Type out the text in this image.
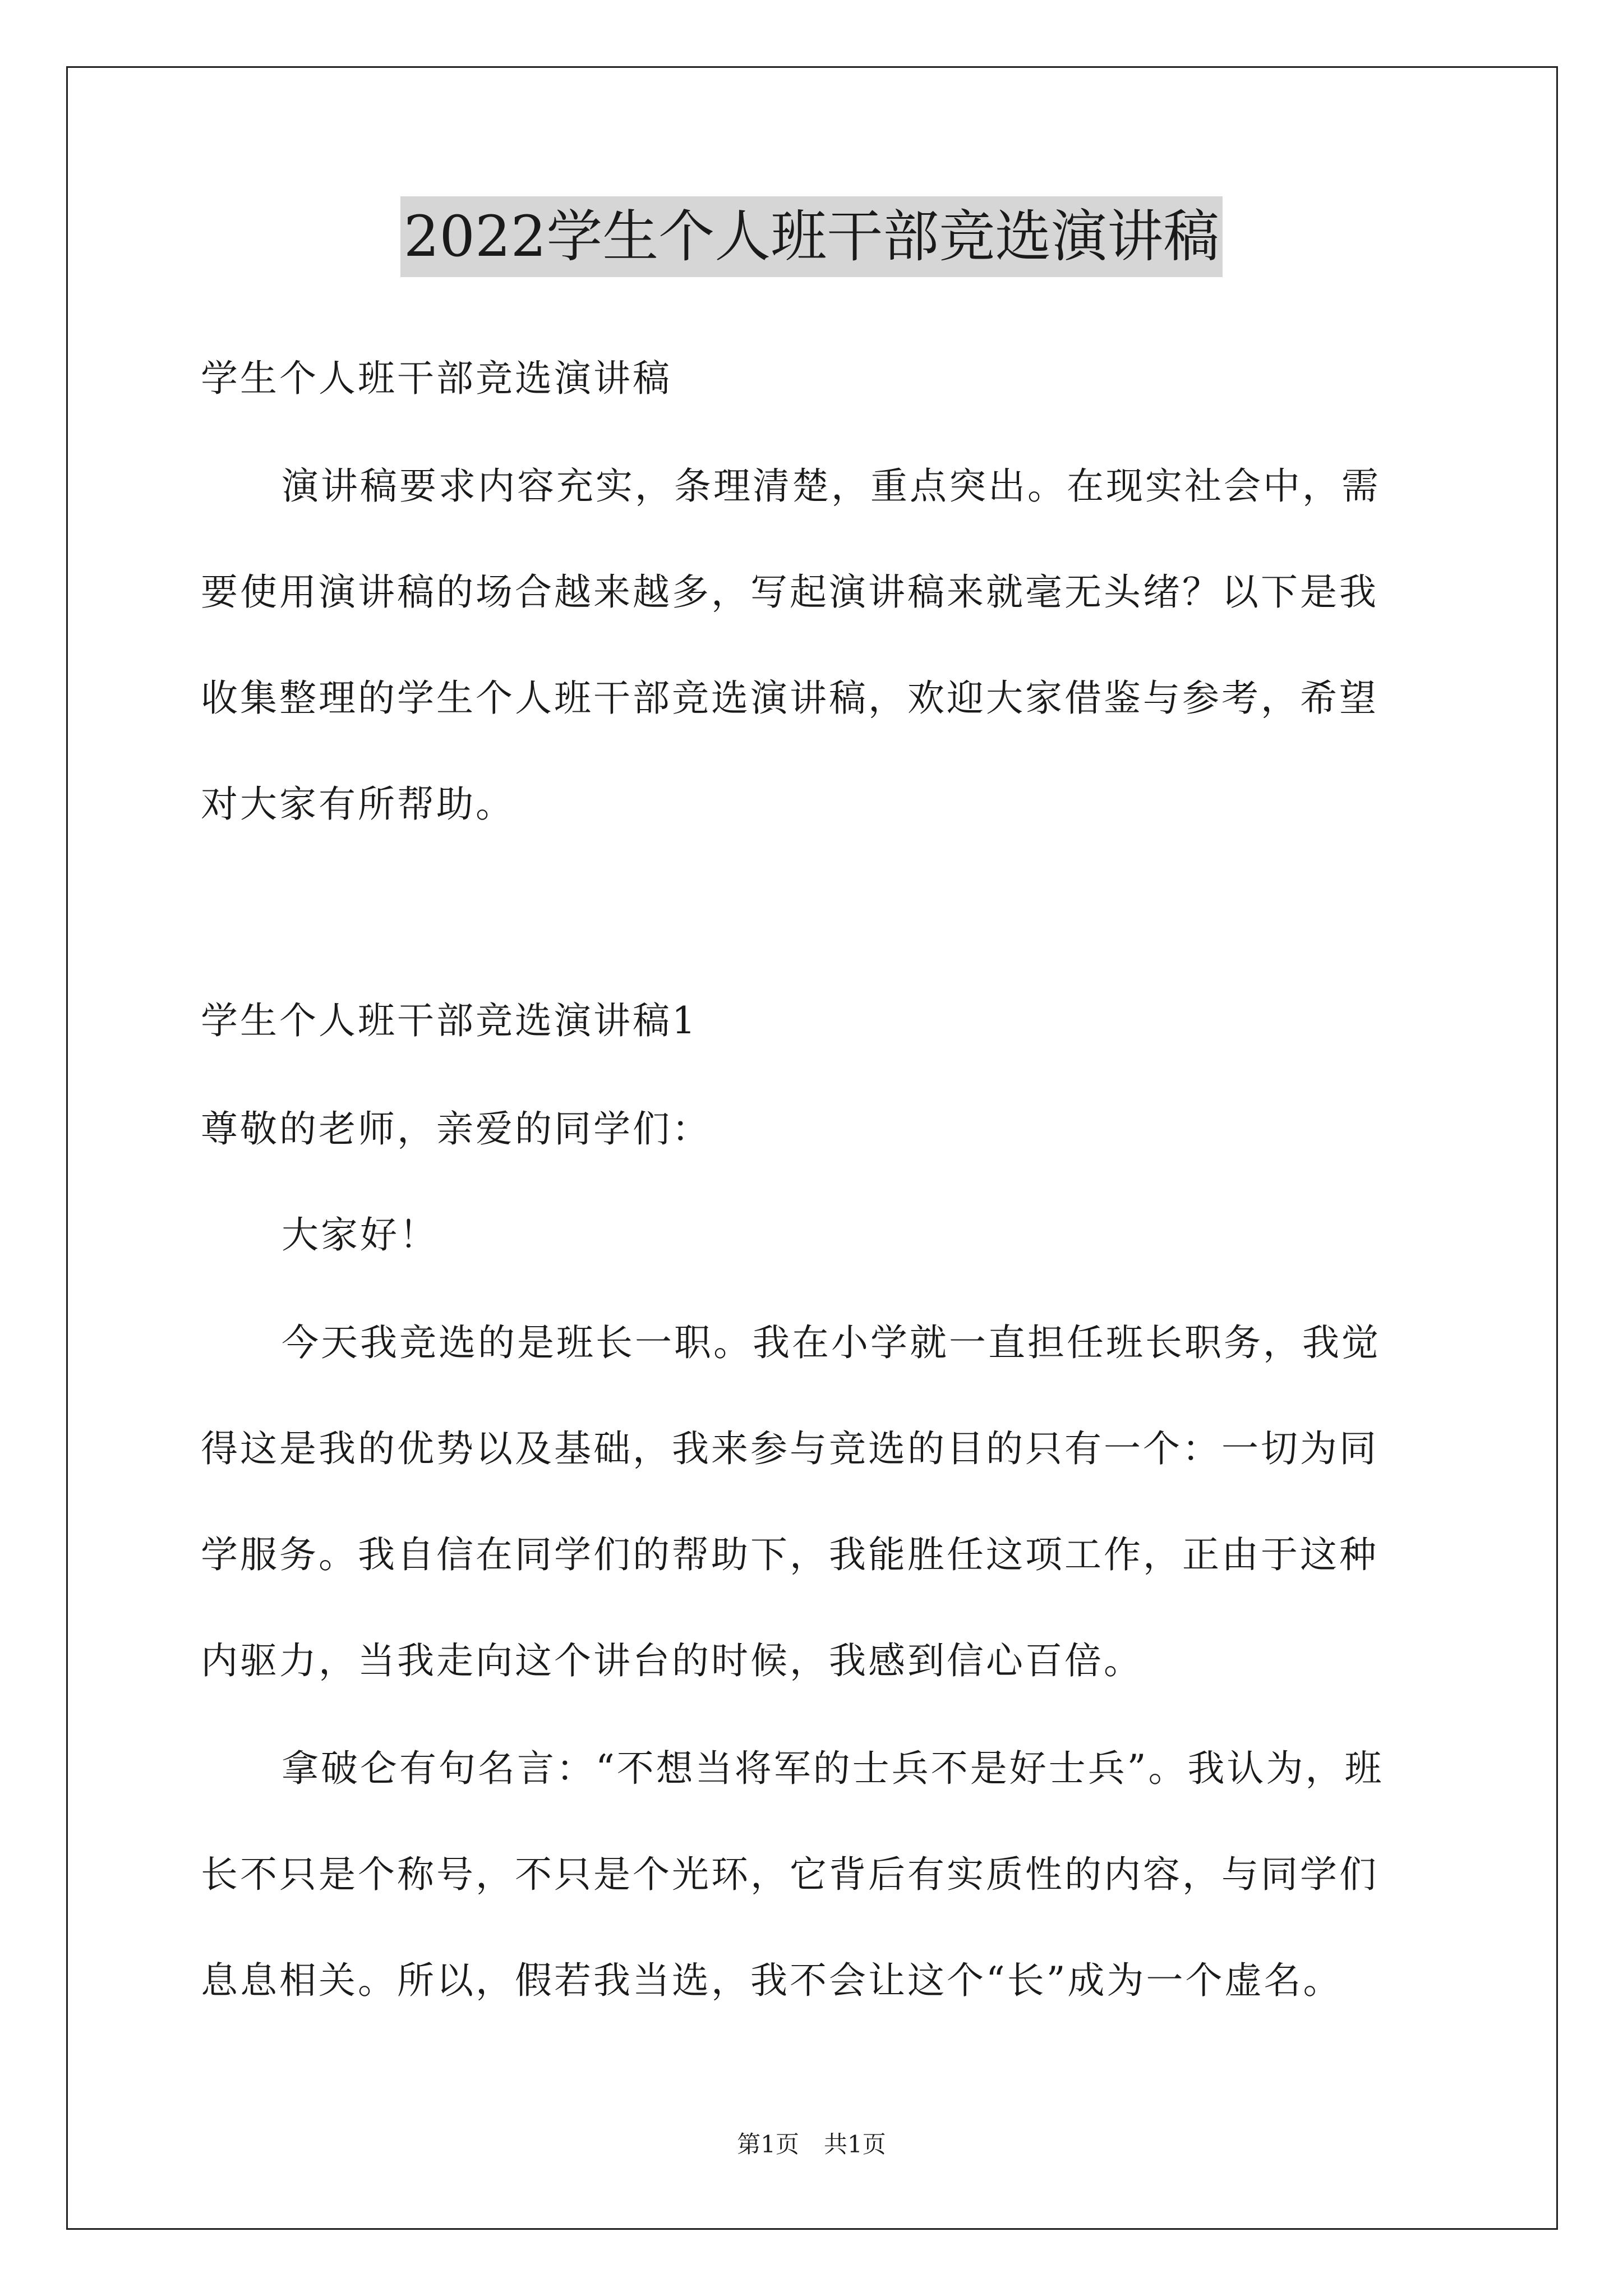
2022学生个人班干部竞选演讲稿
学生个人班干部竞选演讲稿
演讲稿要求内容充实，条理清楚，重点突出。在现实社会中，需
要使用演讲稿的场合越来越多，写起演讲稿来就毫无头绪？以下是我
收集整理的学生个人班干部竞选演讲稿，欢迎大家借鉴与参考，希望
对大家有所帮助。
学生个人班干部竞选演讲稿1
尊敬的老师，亲爱的同学们：
大家好！
今天我竞选的是班长一职。我在小学就一直担任班长职务，我觉
得这是我的优势以及基础，我来参与竞选的目的只有一个：一切为同
学服务。我自信在同学们的帮助下，我能胜任这项工作，正由于这种
内驱力，当我走向这个讲台的时候，我感到信心百倍。
拿破仑有句名言：“不想当将军的士兵不是好士兵”。我认为，班
长不只是个称号，不只是个光环，它背后有实质性的内容，与同学们
息息相关。所以，假若我当选，我不会让这个“长”成为一个虚名。
第1页 共1页
